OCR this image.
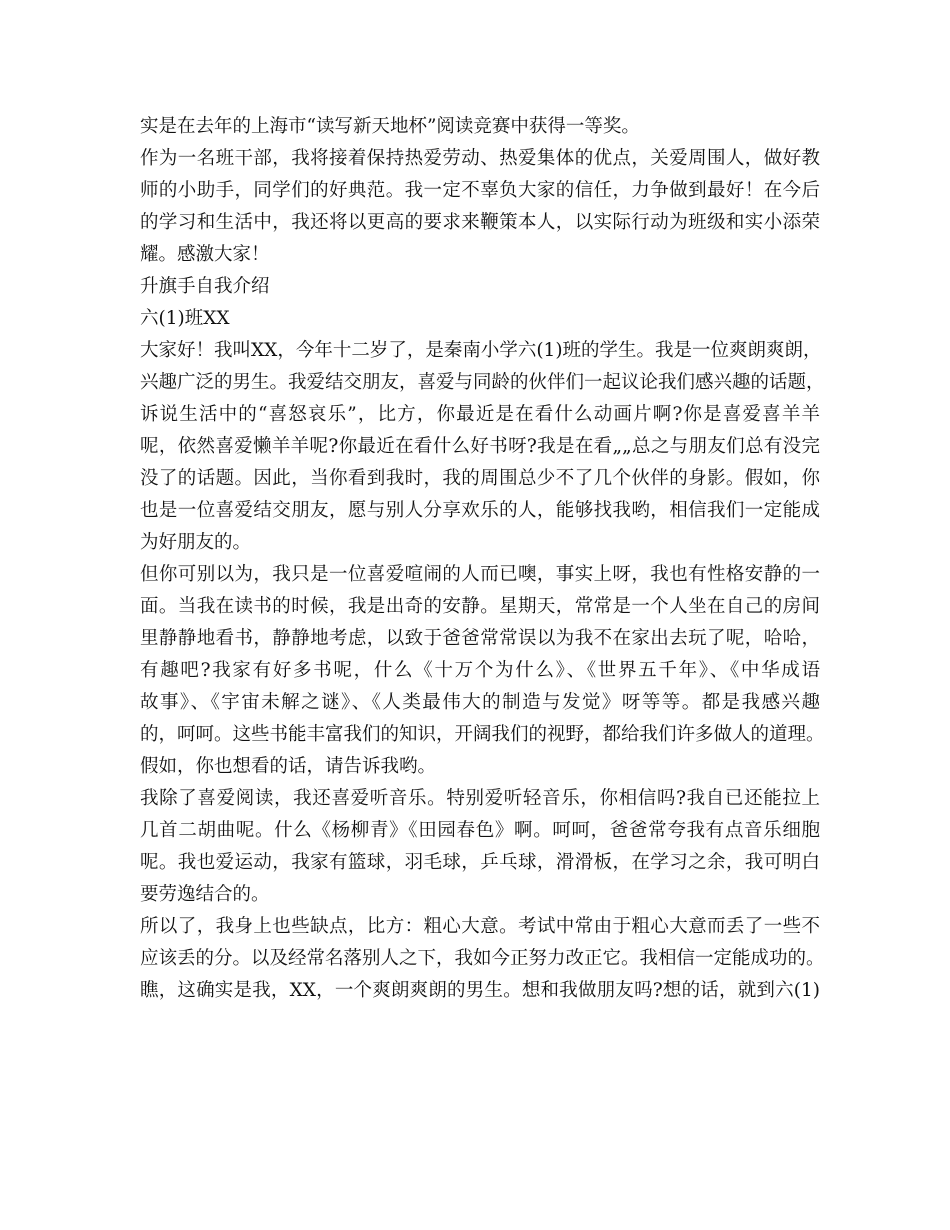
实是在去年的上海市“读写新天地杯”阅读竞赛中获得一等奖。
作为一名班干部，我将接着保持热爱劳动、热爱集体的优点，关爱周围人，做好教
师的小助手，同学们的好典范。我一定不辜负大家的信任，力争做到最好！在今后
的学习和生活中，我还将以更高的要求来鞭策本人，以实际行动为班级和实小添荣
耀。感激大家！
升旗手自我介绍
六(1)班XX
大家好！我叫XX，今年十二岁了，是秦南小学六(1)班的学生。我是一位爽朗爽朗，
兴趣广泛的男生。我爱结交朋友，喜爱与同龄的伙伴们一起议论我们感兴趣的话题，
诉说生活中的“喜怒哀乐”，比方，你最近是在看什么动画片啊?你是喜爱喜羊羊
呢，依然喜爱懒羊羊呢?你最近在看什么好书呀?我是在看„„总之与朋友们总有没完
没了的话题。因此，当你看到我时，我的周围总少不了几个伙伴的身影。假如，你
也是一位喜爱结交朋友，愿与别人分享欢乐的人，能够找我哟，相信我们一定能成
为好朋友的。
但你可别以为，我只是一位喜爱喧闹的人而已噢，事实上呀，我也有性格安静的一
面。当我在读书的时候，我是出奇的安静。星期天，常常是一个人坐在自己的房间
里静静地看书，静静地考虑，以致于爸爸常常误以为我不在家出去玩了呢，哈哈，
有趣吧?我家有好多书呢，什么《十万个为什么》、《世界五千年》、《中华成语
故事》、《宇宙未解之谜》、《人类最伟大的制造与发觉》呀等等。都是我感兴趣
的，呵呵。这些书能丰富我们的知识，开阔我们的视野，都给我们许多做人的道理。
假如，你也想看的话，请告诉我哟。
我除了喜爱阅读，我还喜爱听音乐。特别爱听轻音乐，你相信吗?我自已还能拉上
几首二胡曲呢。什么《杨柳青》《田园春色》啊。呵呵，爸爸常夸我有点音乐细胞
呢。我也爱运动，我家有篮球，羽毛球，乒乓球，滑滑板，在学习之余，我可明白
要劳逸结合的。
所以了，我身上也些缺点，比方：粗心大意。考试中常由于粗心大意而丢了一些不
应该丢的分。以及经常名落别人之下，我如今正努力改正它。我相信一定能成功的。
瞧，这确实是我，XX，一个爽朗爽朗的男生。想和我做朋友吗?想的话，就到六(1)
